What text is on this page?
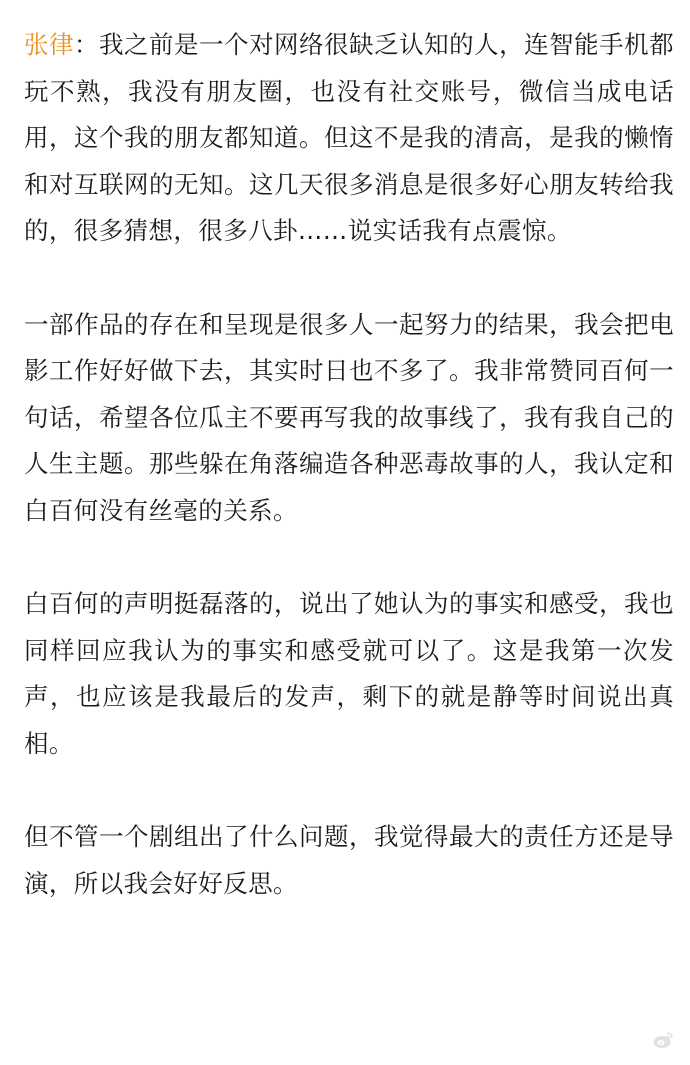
张律：我之前是一个对网络很缺乏认知的人，连智能手机都玩不熟，我没有朋友圈，也没有社交账号，微信当成电话用，这个我的朋友都知道。但这不是我的清高，是我的懒惰和对互联网的无知。这几天很多消息是很多好心朋友转给我的，很多猜想，很多八卦……说实话我有点震惊。

一部作品的存在和呈现是很多人一起努力的结果，我会把电影工作好好做下去，其实时日也不多了。我非常赞同百何一句话，希望各位瓜主不要再写我的故事线了，我有我自己的人生主题。那些躲在角落编造各种恶毒故事的人，我认定和白百何没有丝毫的关系。

白百何的声明挺磊落的，说出了她认为的事实和感受，我也同样回应我认为的事实和感受就可以了。这是我第一次发声，也应该是我最后的发声，剩下的就是静等时间说出真相。

但不管一个剧组出了什么问题，我觉得最大的责任方还是导演，所以我会好好反思。
